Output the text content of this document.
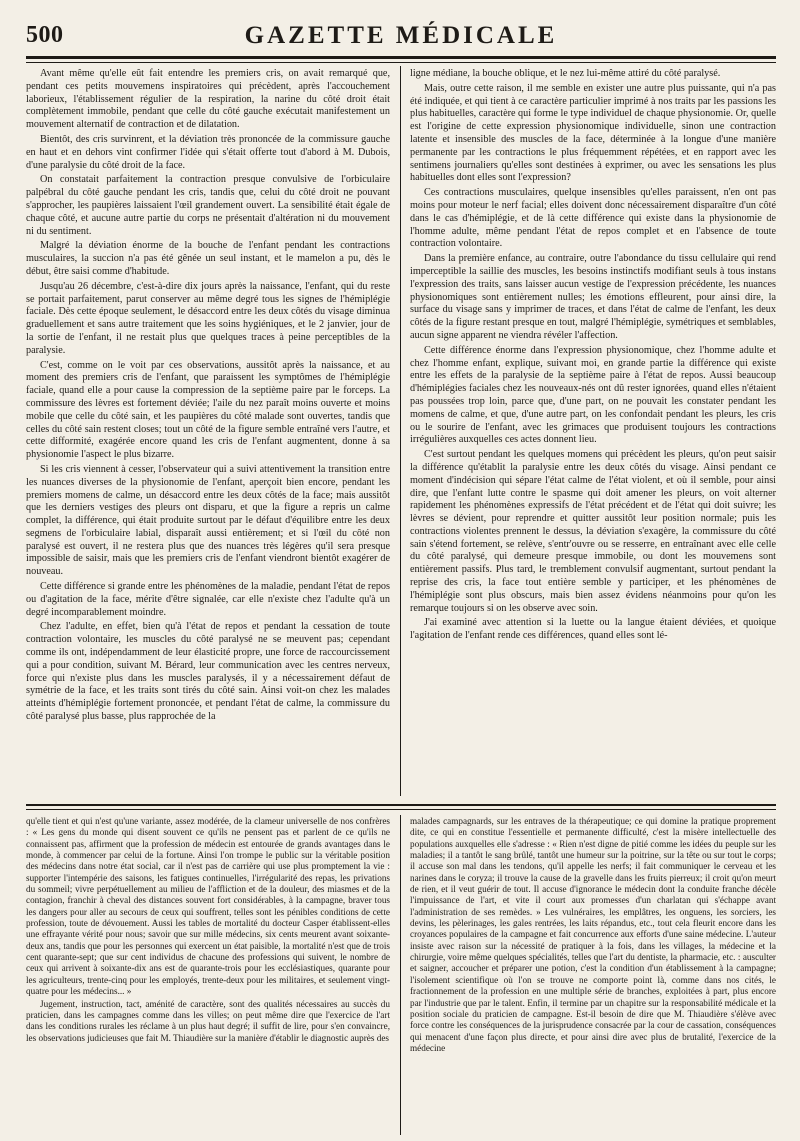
500	GAZETTE MÉDICALE

Avant même qu'elle eût fait entendre les premiers cris, on avait remarqué que, pendant ces petits mouvemens inspiratoires qui précèdent, après l'accouchement laborieux, l'établissement régulier de la respiration, la narine du côté droit était complètement immobile, pendant que celle du côté gauche exécutait manifestement un mouvement alternatif de contraction et de dilatation.

Bientôt, des cris survinrent, et la déviation très prononcée de la commissure gauche en haut et en dehors vint confirmer l'idée qui s'était offerte tout d'abord à M. Dubois, d'une paralysie du côté droit de la face.

On constatait parfaitement la contraction presque convulsive de l'orbiculaire palpébral du côté gauche pendant les cris, tandis que, celui du côté droit ne pouvant s'approcher, les paupières laissaient l'œil grandement ouvert. La sensibilité était égale de chaque côté, et aucune autre partie du corps ne présentait d'altération ni du mouvement ni du sentiment.

Malgré la déviation énorme de la bouche de l'enfant pendant les contractions musculaires, la succion n'a pas été gênée un seul instant, et le mamelon a pu, dès le début, être saisi comme d'habitude.

Jusqu'au 26 décembre, c'est-à-dire dix jours après la naissance, l'enfant, qui du reste se portait parfaitement, parut conserver au même degré tous les signes de l'hémiplégie faciale. Dès cette époque seulement, le désaccord entre les deux côtés du visage diminua graduellement et sans autre traitement que les soins hygiéniques, et le 2 janvier, jour de la sortie de l'enfant, il ne restait plus que quelques traces à peine perceptibles de la paralysie.

C'est, comme on le voit par ces observations, aussitôt après la naissance, et au moment des premiers cris de l'enfant, que paraissent les symptômes de l'hémiplégie faciale, quand elle a pour cause la compression de la septième paire par le forceps. La commissure des lèvres est fortement déviée; l'aile du nez paraît moins ouverte et moins mobile que celle du côté sain, et les paupières du côté malade sont ouvertes, tandis que celles du côté sain restent closes; tout un côté de la figure semble entraîné vers l'autre, et cette difformité, exagérée encore quand les cris de l'enfant augmentent, donne à sa physionomie l'aspect le plus bizarre.

Si les cris viennent à cesser, l'observateur qui a suivi attentivement la transition entre les nuances diverses de la physionomie de l'enfant, aperçoit bien encore, pendant les premiers momens de calme, un désaccord entre les deux côtés de la face; mais aussitôt que les derniers vestiges des pleurs ont disparu, et que la figure a repris un calme complet, la différence, qui était produite surtout par le défaut d'équilibre entre les deux segmens de l'orbiculaire labial, disparaît aussi entièrement; et si l'œil du côté non paralysé est ouvert, il ne restera plus que des nuances très légères qu'il sera presque impossible de saisir, mais que les premiers cris de l'enfant viendront bientôt exagérer de nouveau.

Cette différence si grande entre les phénomènes de la maladie, pendant l'état de repos ou d'agitation de la face, mérite d'être signalée, car elle n'existe chez l'adulte qu'à un degré incomparablement moindre.

Chez l'adulte, en effet, bien qu'à l'état de repos et pendant la cessation de toute contraction volontaire, les muscles du côté paralysé ne se meuvent pas; cependant comme ils ont, indépendamment de leur élasticité propre, une force de raccourcissement qui a pour condition, suivant M. Bérard, leur communication avec les centres nerveux, force qui n'existe plus dans les muscles paralysés, il y a nécessairement défaut de symétrie de la face, et les traits sont tirés du côté sain. Ainsi voit-on chez les malades atteints d'hémiplégie fortement prononcée, et pendant l'état de calme, la commissure du côté paralysé plus basse, plus rapprochée de la

ligne médiane, la bouche oblique, et le nez lui-même attiré du côté paralysé.

Mais, outre cette raison, il me semble en exister une autre plus puissante, qui n'a pas été indiquée, et qui tient à ce caractère particulier imprimé à nos traits par les passions les plus habituelles, caractère qui forme le type individuel de chaque physionomie. Or, quelle est l'origine de cette expression physionomique individuelle, sinon une contraction latente et insensible des muscles de la face, déterminée à la longue d'une manière permanente par les contractions le plus fréquemment répétées, et en rapport avec les sentimens journaliers qu'elles sont destinées à exprimer, ou avec les sensations les plus habituelles dont elles sont l'expression?

Ces contractions musculaires, quelque insensibles qu'elles paraissent, n'en ont pas moins pour moteur le nerf facial; elles doivent donc nécessairement disparaître d'un côté dans le cas d'hémiplégie, et de là cette différence qui existe dans la physionomie de l'homme adulte, même pendant l'état de repos complet et en l'absence de toute contraction volontaire.

Dans la première enfance, au contraire, outre l'abondance du tissu cellulaire qui rend imperceptible la saillie des muscles, les besoins instinctifs modifiant seuls à tous instans l'expression des traits, sans laisser aucun vestige de l'expression précédente, les nuances physionomiques sont entièrement nulles; les émotions effleurent, pour ainsi dire, la surface du visage sans y imprimer de traces, et dans l'état de calme de l'enfant, les deux côtés de la figure restant presque en tout, malgré l'hémiplégie, symétriques et semblables, aucun signe apparent ne viendra révéler l'affection.

Cette différence énorme dans l'expression physionomique, chez l'homme adulte et chez l'homme enfant, explique, suivant moi, en grande partie la différence qui existe entre les effets de la paralysie de la septième paire à l'état de repos. Aussi beaucoup d'hémiplégies faciales chez les nouveaux-nés ont dû rester ignorées, quand elles n'étaient pas poussées trop loin, parce que, d'une part, on ne pouvait les constater pendant les momens de calme, et que, d'une autre part, on les confondait pendant les pleurs, les cris ou le sourire de l'enfant, avec les grimaces que produisent toujours les contractions irrégulières auxquelles ces actes donnent lieu.

C'est surtout pendant les quelques momens qui précèdent les pleurs, qu'on peut saisir la différence qu'établit la paralysie entre les deux côtés du visage. Ainsi pendant ce moment d'indécision qui sépare l'état calme de l'état violent, et où il semble, pour ainsi dire, que l'enfant lutte contre le spasme qui doit amener les pleurs, on voit alterner rapidement les phénomènes expressifs de l'état précédent et de l'état qui doit suivre; les lèvres se dévient, pour reprendre et quitter aussitôt leur position normale; puis les contractions violentes prennent le dessus, la déviation s'exagère, la commissure du côté sain s'étend fortement, se relève, s'entr'ouvre ou se resserre, en entraînant avec elle celle du côté paralysé, qui demeure presque immobile, ou dont les mouvemens sont entièrement passifs. Plus tard, le tremblement convulsif augmentant, surtout pendant la reprise des cris, la face tout entière semble y participer, et les phénomènes de l'hémiplégie sont plus obscurs, mais bien assez évidens néanmoins pour qu'on les remarque toujours si on les observe avec soin.

J'ai examiné avec attention si la luette ou la langue étaient déviées, et quoique l'agitation de l'enfant rende ces différences, quand elles sont lé-

qu'elle tient et qui n'est qu'une variante, assez modérée, de la clameur universelle de nos confrères : « Les gens du monde qui disent souvent ce qu'ils ne pensent pas et parlent de ce qu'ils ne connaissent pas, affirment que la profession de médecin est entourée de grands avantages dans le monde, à commencer par celui de la fortune. Ainsi l'on trompe le public sur la véritable position des médecins dans notre état social, car il n'est pas de carrière qui use plus promptement la vie : supporter l'intempérie des saisons, les fatigues continuelles, l'irrégularité des repas, les privations du sommeil; vivre perpétuellement au milieu de l'affliction et de la douleur, des miasmes et de la contagion, franchir à cheval des distances souvent fort considérables, à la campagne, braver tous les dangers pour aller au secours de ceux qui souffrent, telles sont les pénibles conditions de cette profession, toute de dévouement. Aussi les tables de mortalité du docteur Casper établissent-elles une effrayante vérité pour nous; savoir que sur mille médecins, six cents meurent avant soixante-deux ans, tandis que pour les personnes qui exercent un état paisible, la mortalité n'est que de trois cent quarante-sept; que sur cent individus de chacune des professions qui suivent, le nombre de ceux qui arrivent à soixante-dix ans est de quarante-trois pour les ecclésiastiques, quarante pour les agriculteurs, trente-cinq pour les employés, trente-deux pour les militaires, et seulement vingt-quatre pour les médecins... »

Jugement, instruction, tact, aménité de caractère, sont des qualités nécessaires au succès du praticien, dans les campagnes comme dans les villes; on peut même dire que l'exercice de l'art dans les conditions rurales les réclame à un plus haut degré; il suffit de lire, pour s'en convaincre, les observations judicieuses que fait M. Thiaudière sur la manière d'établir le diagnostic auprès des

malades campagnards, sur les entraves de la thérapeutique; ce qui domine la pratique proprement dite, ce qui en constitue l'essentielle et permanente difficulté, c'est la misère intellectuelle des populations auxquelles elle s'adresse : « Rien n'est digne de pitié comme les idées du peuple sur les maladies; il a tantôt le sang brûlé, tantôt une humeur sur la poitrine, sur la tête ou sur tout le corps; il accuse son mal dans les tendons, qu'il appelle les nerfs; il fait communiquer le cerveau et les narines dans le coryza; il trouve la cause de la gravelle dans les fruits pierreux; il croit qu'on meurt de rien, et il veut guérir de tout. Il accuse d'ignorance le médecin dont la conduite franche décèle l'impuissance de l'art, et vite il court aux promesses d'un charlatan qui s'échappe avant l'administration de ses remèdes. » Les vulnéraires, les emplâtres, les onguens, les sorciers, les devins, les pèlerinages, les gales rentrées, les laits répandus, etc., tout cela fleurit encore dans les croyances populaires de la campagne et fait concurrence aux efforts d'une saine médecine. L'auteur insiste avec raison sur la nécessité de pratiquer à la fois, dans les villages, la médecine et la chirurgie, voire même quelques spécialités, telles que l'art du dentiste, la pharmacie, etc. : ausculter et saigner, accoucher et préparer une potion, c'est la condition d'un établissement à la campagne; l'isolement scientifique où l'on se trouve ne comporte point là, comme dans nos cités, le fractionnement de la profession en une multiple série de branches, exploitées à part, plus encore par l'industrie que par le talent. Enfin, il termine par un chapitre sur la responsabilité médicale et la position sociale du praticien de campagne. Est-il besoin de dire que M. Thiaudière s'élève avec force contre les conséquences de la jurisprudence consacrée par la cour de cassation, conséquences qui menacent d'une façon plus directe, et pour ainsi dire avec plus de brutalité, l'exercice de la médecine
